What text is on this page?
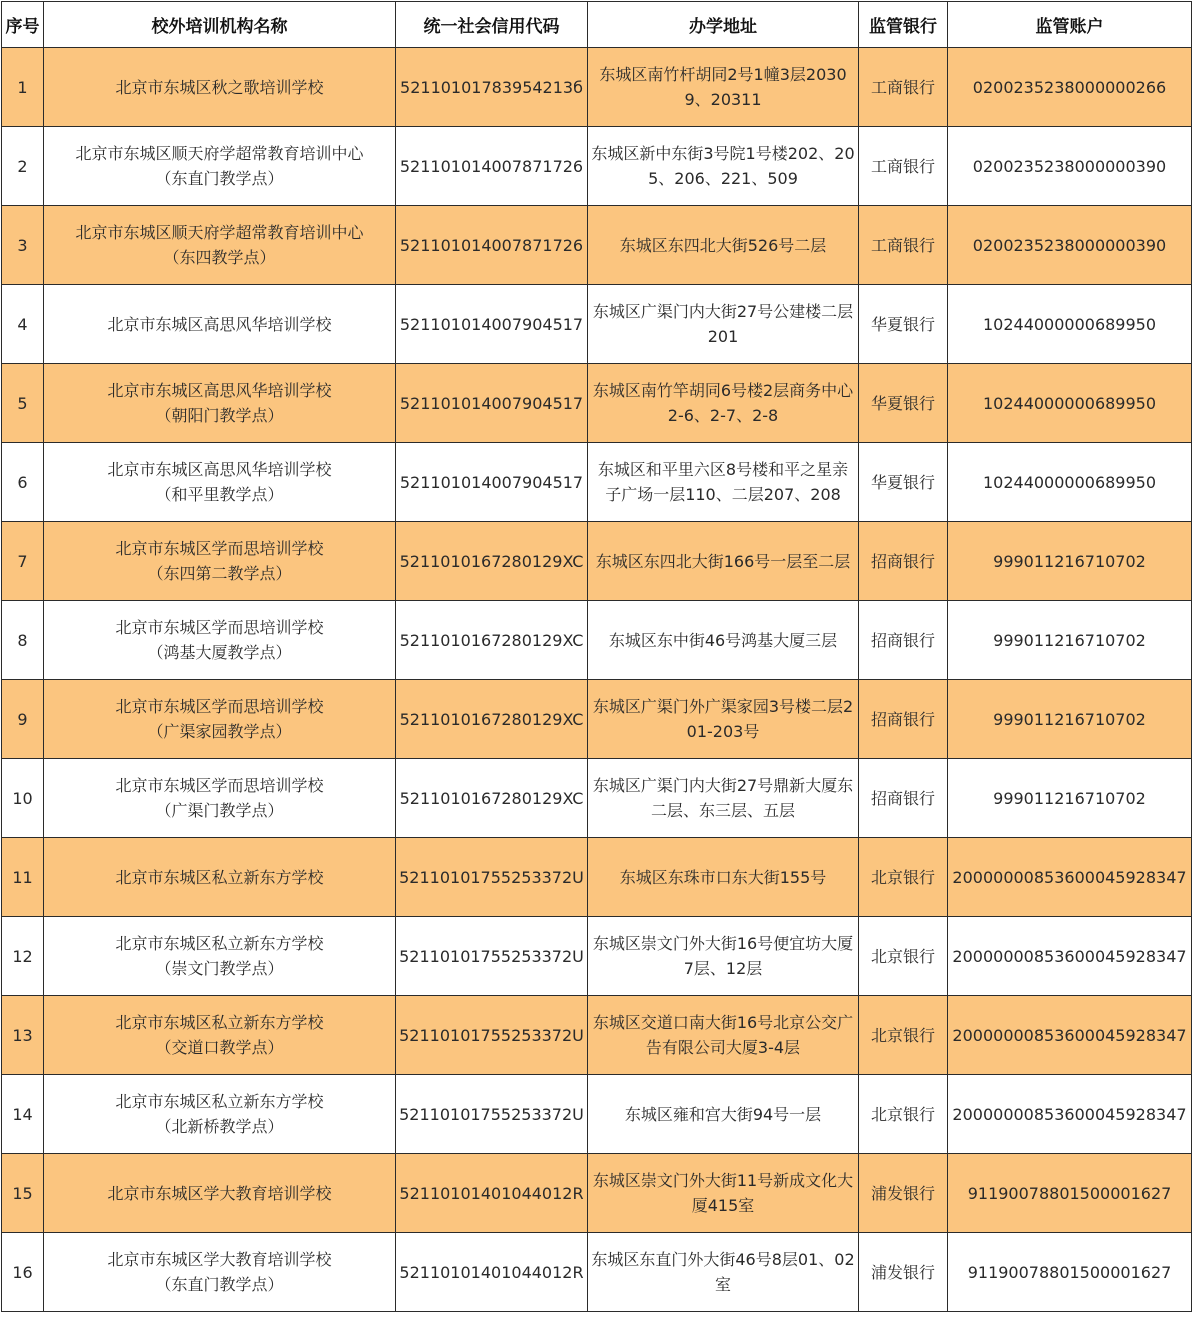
序号	校外培训机构名称	统一社会信用代码	办学地址	监管银行	监管账户
1	北京市东城区秋之歌培训学校	52110101783954213б	东城区南竹杆胡同2号1幢3层20309、20311	工商银行	0200235238000000266
2	北京市东城区顺天府学超常教育培训中心
（东直门教学点）	521101014007871726	东城区新中东街3号院1号楼202、205、206、221、509	工商银行	0200235238000000390
3	北京市东城区顺天府学超常教育培训中心
（东四教学点）	521101014007871726	东城区东四北大街526号二层	工商银行	0200235238000000390
4	北京市东城区高思风华培训学校	521101014007904517	东城区广渠门内大街27号公建楼二层201	华夏银行	10244000000689950
5	北京市东城区高思风华培训学校
（朝阳门教学点）	521101014007904517	东城区南竹竿胡同6号楼2层商务中心2-6、2-7、2-8	华夏银行	10244000000689950
6	北京市东城区高思风华培训学校
（和平里教学点）	521101014007904517	东城区和平里六区8号楼和平之星亲子广场一层110、二层207、208	华夏银行	10244000000689950
7	北京市东城区学而思培训学校
（东四第二教学点）	5211010167280129XC	东城区东四北大街166号一层至二层	招商银行	999011216710702
8	北京市东城区学而思培训学校
（鸿基大厦教学点）	5211010167280129XC	东城区东中街46号鸿基大厦三层	招商银行	999011216710702
9	北京市东城区学而思培训学校
（广渠家园教学点）	5211010167280129XC	东城区广渠门外广渠家园3号楼二层201-203号	招商银行	999011216710702
10	北京市东城区学而思培训学校
（广渠门教学点）	5211010167280129XC	东城区广渠门内大街27号鼎新大厦东二层、东三层、五层	招商银行	999011216710702
11	北京市东城区私立新东方学校	52110101755253372U	东城区东珠市口东大街155号	北京银行	20000000853600045928347
12	北京市东城区私立新东方学校
（崇文门教学点）	52110101755253372U	东城区崇文门外大街16号便宜坊大厦7层、12层	北京银行	20000000853600045928347
13	北京市东城区私立新东方学校
（交道口教学点）	52110101755253372U	东城区交道口南大街16号北京公交广告有限公司大厦3-4层	北京银行	20000000853600045928347
14	北京市东城区私立新东方学校
（北新桥教学点）	52110101755253372U	东城区雍和宫大街94号一层	北京银行	20000000853600045928347
15	北京市东城区学大教育培训学校	52110101401044012R	东城区崇文门外大街11号新成文化大厦415室	浦发银行	91190078801500001627
16	北京市东城区学大教育培训学校
（东直门教学点）	52110101401044012R	东城区东直门外大街46号8层01、02室	浦发银行	91190078801500001627
